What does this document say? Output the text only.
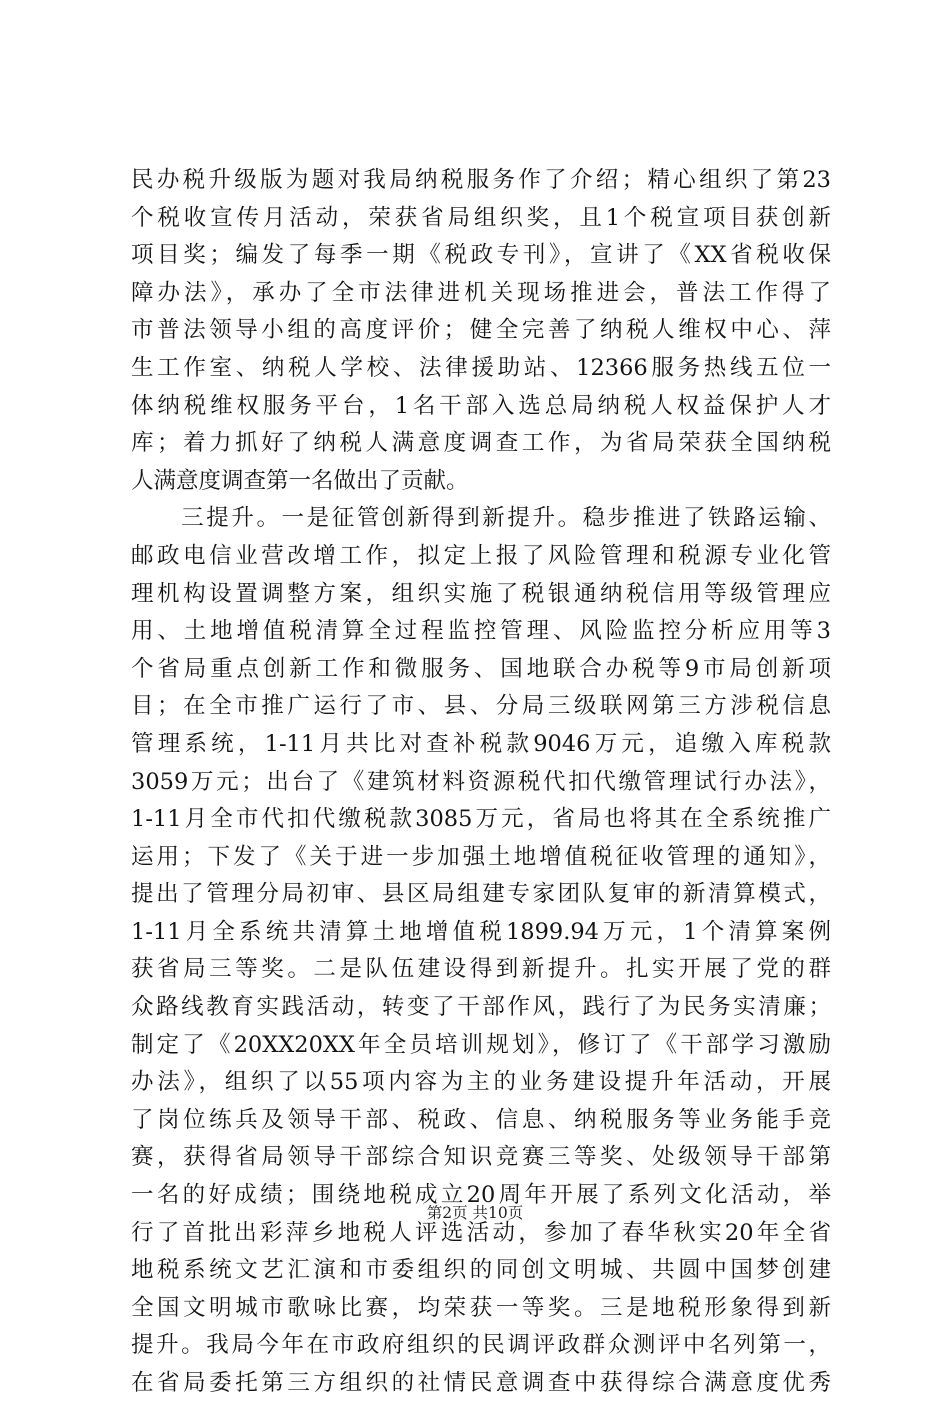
民办税升级版为题对我局纳税服务作了介绍；精心组织了第23
个税收宣传月活动，荣获省局组织奖，且1个税宣项目获创新
项目奖；编发了每季一期《税政专刊》，宣讲了《XX省税收保
障办法》，承办了全市法律进机关现场推进会，普法工作得了
市普法领导小组的高度评价；健全完善了纳税人维权中心、萍
生工作室、纳税人学校、法律援助站、12366服务热线五位一
体纳税维权服务平台，1名干部入选总局纳税人权益保护人才
库；着力抓好了纳税人满意度调查工作，为省局荣获全国纳税
人满意度调查第一名做出了贡献。
　　三提升。一是征管创新得到新提升。稳步推进了铁路运输、
邮政电信业营改增工作，拟定上报了风险管理和税源专业化管
理机构设置调整方案，组织实施了税银通纳税信用等级管理应
用、土地增值税清算全过程监控管理、风险监控分析应用等3
个省局重点创新工作和微服务、国地联合办税等9市局创新项
目；在全市推广运行了市、县、分局三级联网第三方涉税信息
管理系统，1-11月共比对查补税款9046万元，追缴入库税款
3059万元；出台了《建筑材料资源税代扣代缴管理试行办法》，
1-11月全市代扣代缴税款3085万元，省局也将其在全系统推广
运用；下发了《关于进一步加强土地增值税征收管理的通知》，
提出了管理分局初审、县区局组建专家团队复审的新清算模式，
1-11月全系统共清算土地增值税1899.94万元，1个清算案例
获省局三等奖。二是队伍建设得到新提升。扎实开展了党的群
众路线教育实践活动，转变了干部作风，践行了为民务实清廉；
制定了《20XX20XX年全员培训规划》，修订了《干部学习激励
办法》，组织了以55项内容为主的业务建设提升年活动，开展
了岗位练兵及领导干部、税政、信息、纳税服务等业务能手竞
赛，获得省局领导干部综合知识竞赛三等奖、处级领导干部第
一名的好成绩；围绕地税成立20周年开展了系列文化活动，举
行了首批出彩萍乡地税人评选活动，参加了春华秋实20年全省
地税系统文艺汇演和市委组织的同创文明城、共圆中国梦创建
全国文明城市歌咏比赛，均荣获一等奖。三是地税形象得到新
提升。我局今年在市政府组织的民调评政群众测评中名列第一，
在省局委托第三方组织的社情民意调查中获得综合满意度优秀
第2页 共10页
